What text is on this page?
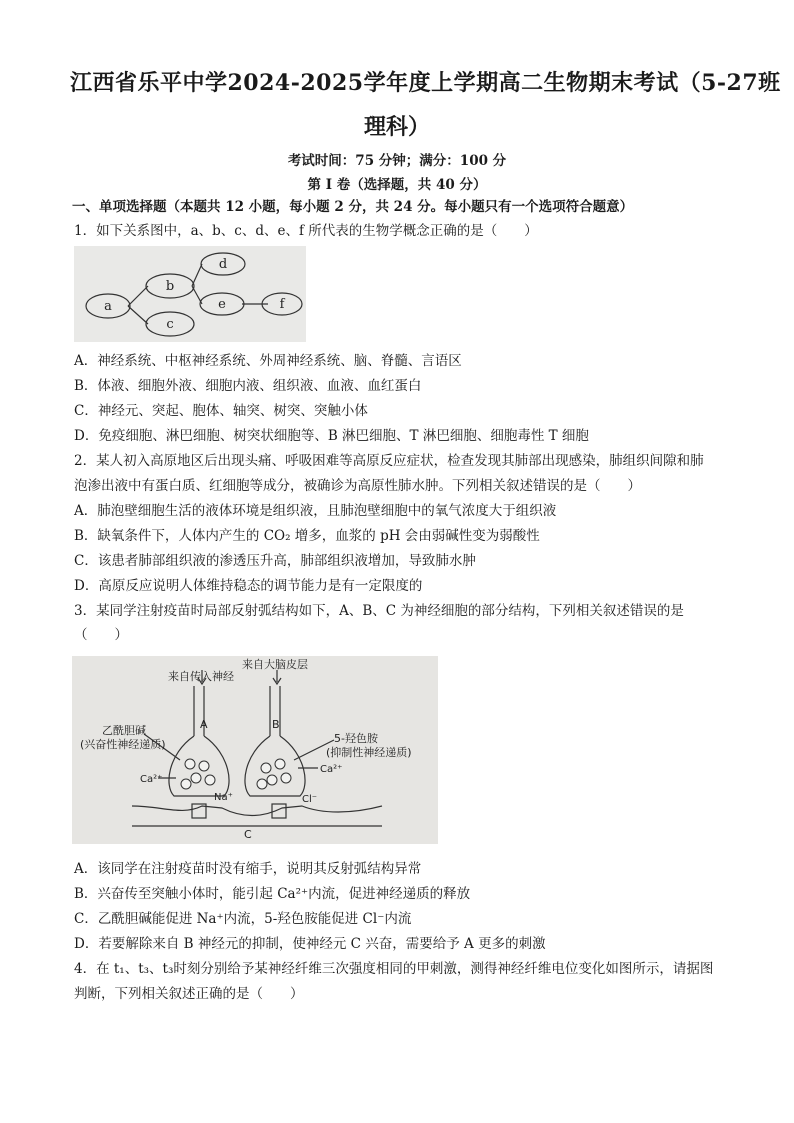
江西省乐平中学2024-2025学年度上学期高二生物期末考试（5-27班
理科）
考试时间：75 分钟；满分：100 分
第 I 卷（选择题，共 40 分）
一、单项选择题（本题共 12 小题，每小题 2 分，共 24 分。每小题只有一个选项符合题意）
1．如下关系图中，a、b、c、d、e、f 所代表的生物学概念正确的是（　　）
a
b
c
d
e	f
A．神经系统、中枢神经系统、外周神经系统、脑、脊髓、言语区
B．体液、细胞外液、细胞内液、组织液、血液、血红蛋白
C．神经元、突起、胞体、轴突、树突、突触小体
D．免疫细胞、淋巴细胞、树突状细胞等、B 淋巴细胞、T 淋巴细胞、细胞毒性 T 细胞
2．某人初入高原地区后出现头痛、呼吸困难等高原反应症状，检查发现其肺部出现感染，肺组织间隙和肺
泡渗出液中有蛋白质、红细胞等成分，被确诊为高原性肺水肿。下列相关叙述错误的是（　　）
A．肺泡壁细胞生活的液体环境是组织液，且肺泡壁细胞中的氧气浓度大于组织液
B．缺氧条件下，人体内产生的 CO₂ 增多，血浆的 pH 会由弱碱性变为弱酸性
C．该患者肺部组织液的渗透压升高，肺部组织液增加，导致肺水肿
D．高原反应说明人体维持稳态的调节能力是有一定限度的
3．某同学注射疫苗时局部反射弧结构如下，A、B、C 为神经细胞的部分结构，下列相关叙述错误的是
（　　）
来自传入神经
来自大脑皮层
乙酰胆碱
(兴奋性神经递质)	5-羟色胺
(抑制性神经递质)
A	B
C
Ca²⁺
Ca²⁺
Na⁺	Cl⁻
A．该同学在注射疫苗时没有缩手，说明其反射弧结构异常
B．兴奋传至突触小体时，能引起 Ca²⁺内流，促进神经递质的释放
C．乙酰胆碱能促进 Na⁺内流，5-羟色胺能促进 Cl⁻内流
D．若要解除来自 B 神经元的抑制，使神经元 C 兴奋，需要给予 A 更多的刺激
4．在 t₁、t₃、t₃时刻分别给予某神经纤维三次强度相同的甲刺激，测得神经纤维电位变化如图所示，请据图
判断，下列相关叙述正确的是（　　）
